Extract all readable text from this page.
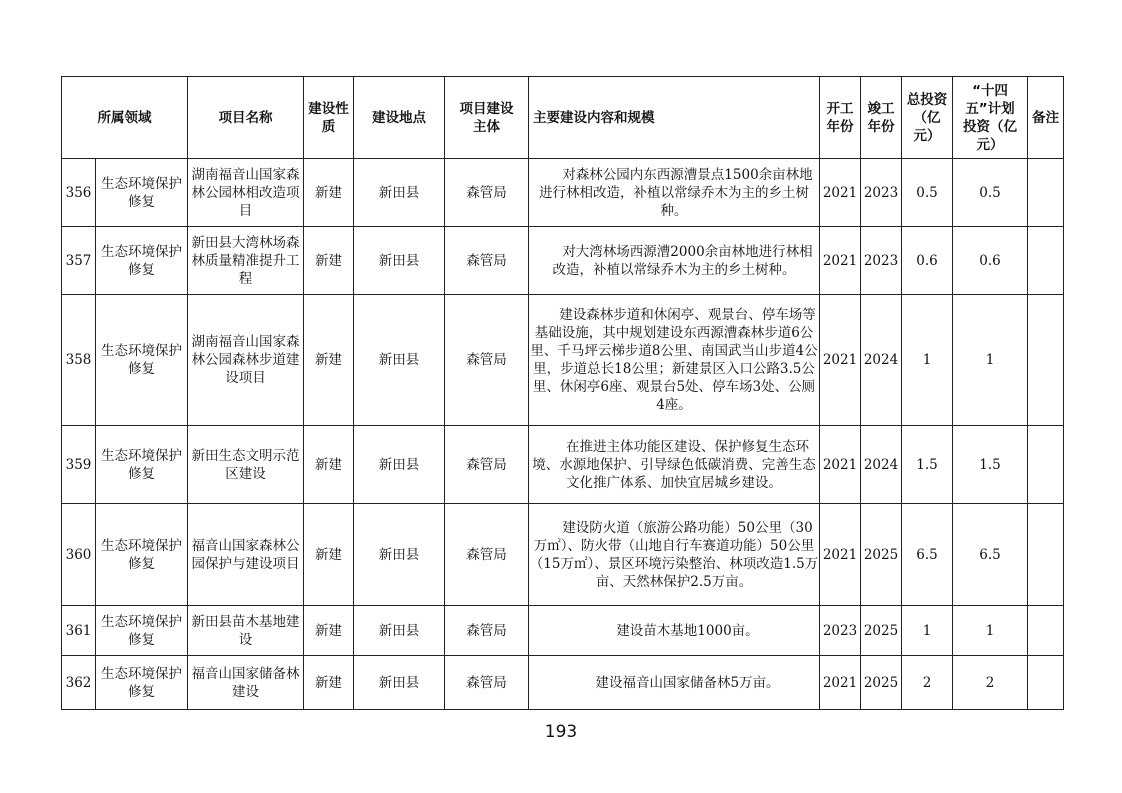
所属领域		项目名称	建设性质	建设地点	项目建设主体	主要建设内容和规模	开工年份	竣工年份	总投资（亿元）	“十四五”计划投资（亿元）	备注
356	生态环境保护修复	湖南福音山国家森林公园林相改造项目	新建	新田县	森管局	对森林公园内东西源漕景点1500余亩林地进行林相改造，补植以常绿乔木为主的乡土树种。	2021	2023	0.5	0.5	
357	生态环境保护修复	新田县大湾林场森林质量精准提升工程	新建	新田县	森管局	对大湾林场西源漕2000余亩林地进行林相改造，补植以常绿乔木为主的乡土树种。	2021	2023	0.6	0.6	
358	生态环境保护修复	湖南福音山国家森林公园森林步道建设项目	新建	新田县	森管局	建设森林步道和休闲亭、观景台、停车场等基础设施，其中规划建设东西源漕森林步道6公里、千马坪云梯步道8公里、南国武当山步道4公里，步道总长18公里；新建景区入口公路3.5公里、休闲亭6座、观景台5处、停车场3处、公厕4座。	2021	2024	1	1	
359	生态环境保护修复	新田生态文明示范区建设	新建	新田县	森管局	在推进主体功能区建设、保护修复生态环境、水源地保护、引导绿色低碳消费、完善生态文化推广体系、加快宜居城乡建设。	2021	2024	1.5	1.5	
360	生态环境保护修复	福音山国家森林公园保护与建设项目	新建	新田县	森管局	建设防火道（旅游公路功能）50公里（30万㎡）、防火带（山地自行车赛道功能）50公里（15万㎡）、景区环境污染整治、林项改造1.5万亩、天然林保护2.5万亩。	2021	2025	6.5	6.5	
361	生态环境保护修复	新田县苗木基地建设	新建	新田县	森管局	建设苗木基地1000亩。	2023	2025	1	1	
362	生态环境保护修复	福音山国家储备林建设	新建	新田县	森管局	建设福音山国家储备林5万亩。	2021	2025	2	2	
193
